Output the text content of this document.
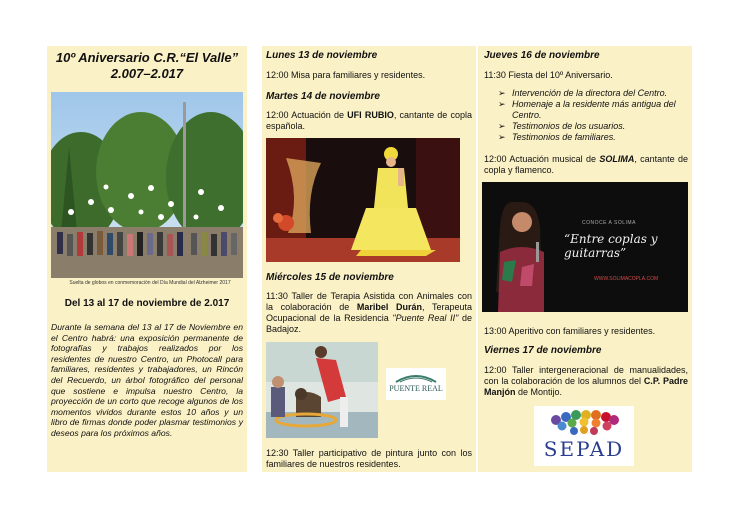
10º Aniversario C.R.“El Valle”
2.007–2.017
Suelta de globos en conmemoración del Día Mundial del Alzheimer 2017
Del 13 al 17 de noviembre de 2.017
Durante la semana del 13 al 17 de Noviembre en el Centro habrá: una exposición permanente de fotografías y trabajos realizados por los residentes de nuestro Centro, un Photocall para familiares, residentes y trabajadores, un Rincón del Recuerdo, un árbol fotográfico del personal que sostiene e impulsa nuestro Centro, la proyección de un corto que recoge algunos de los momentos vividos durante estos 10 años y un libro de firmas donde poder plasmar testimonios y deseos para los próximos años.
Lunes 13 de noviembre
12:00 Misa para familiares y residentes.
Martes 14 de noviembre
12:00 Actuación de UFI RUBIO, cantante de copla española.
Miércoles 15 de noviembre
11:30 Taller de Terapia Asistida con Animales con la colaboración de Maribel Durán, Terapeuta Ocupacional de la Residencia "Puente Real II" de Badajoz.
PUENTE REAL
12:30 Taller participativo de pintura junto con los familiares de nuestros residentes.
Jueves 16 de noviembre
11:30 Fiesta del 10º Aniversario.
➢ Intervención de la directora del Centro.
➢ Homenaje a la residente más antigua del Centro.
➢ Testimonios de los usuarios.
➢ Testimonios de familiares.
12:00 Actuación musical de SOLIMA, cantante de copla y flamenco.
CONOCE A SOLIMA
“Entre coplas y guitarras”
WWW.SOLIMACOPLA.COM
13:00 Aperitivo con familiares y residentes.
Viernes 17 de noviembre
12:00 Taller intergeneracional de manualidades, con la colaboración de los alumnos del C.P. Padre Manjón de Montijo.
SEPAD
